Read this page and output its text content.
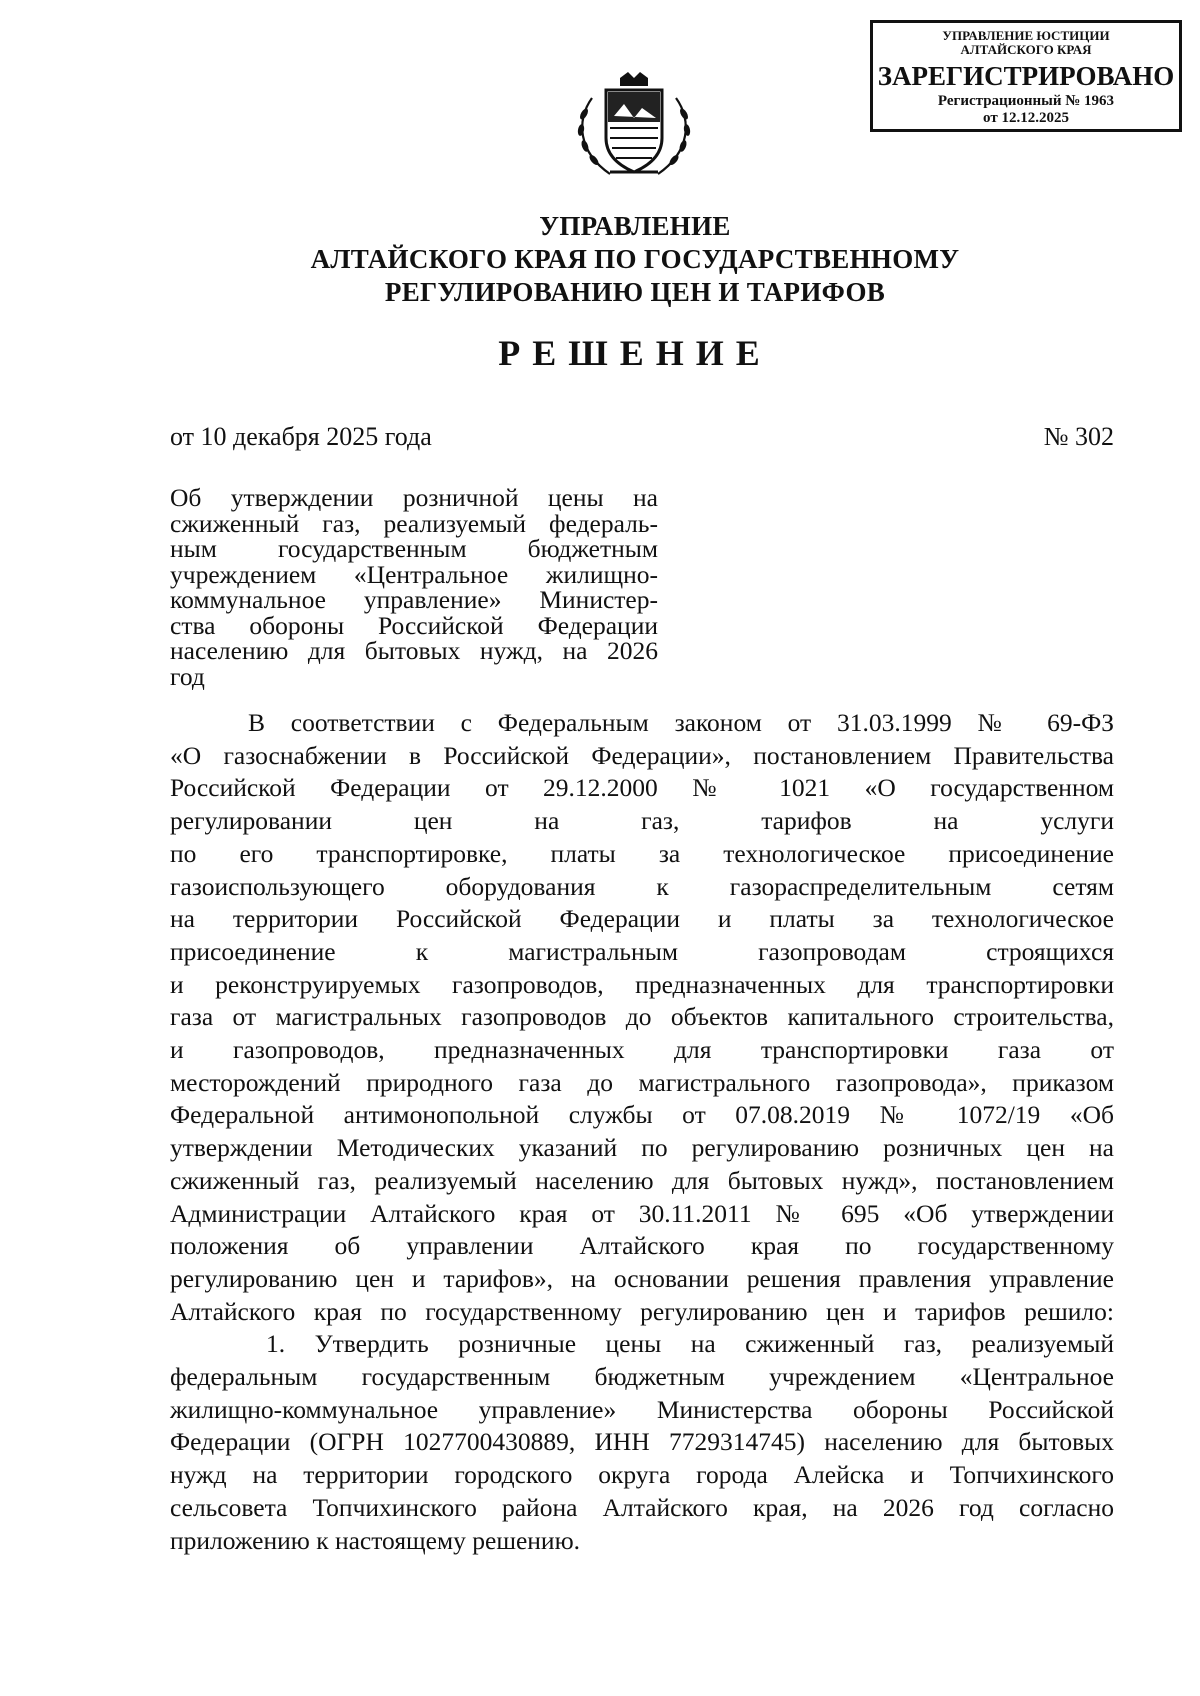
УПРАВЛЕНИЕ ЮСТИЦИИ
АЛТАЙСКОГО КРАЯ
ЗАРЕГИСТРИРОВАНО
Регистрационный № 1963
от 12.12.2025
УПРАВЛЕНИЕ
АЛТАЙСКОГО КРАЯ ПО ГОСУДАРСТВЕННОМУ
РЕГУЛИРОВАНИЮ ЦЕН И ТАРИФОВ
РЕШЕНИЕ
от 10 декабря 2025 года	№ 302
Об утверждении розничной цены на
сжиженный газ, реализуемый федераль-
ным государственным бюджетным
учреждением «Центральное жилищно-
коммунальное управление» Министер-
ства обороны Российской Федерации
населению для бытовых нужд, на 2026
год
В соответствии с Федеральным законом от 31.03.1999 № 69-ФЗ
«О газоснабжении в Российской Федерации», постановлением Правительства
Российской Федерации от 29.12.2000 № 1021 «О государственном
регулировании цен на газ, тарифов на услуги
по его транспортировке, платы за технологическое присоединение
газоиспользующего оборудования к газораспределительным сетям
на территории Российской Федерации и платы за технологическое
присоединение к магистральным газопроводам строящихся
и реконструируемых газопроводов, предназначенных для транспортировки
газа от магистральных газопроводов до объектов капитального строительства,
и газопроводов, предназначенных для транспортировки газа от
месторождений природного газа до магистрального газопровода», приказом
Федеральной антимонопольной службы от 07.08.2019 № 1072/19 «Об
утверждении Методических указаний по регулированию розничных цен на
сжиженный газ, реализуемый населению для бытовых нужд», постановлением
Администрации Алтайского края от 30.11.2011 № 695 «Об утверждении
положения об управлении Алтайского края по государственному
регулированию цен и тарифов», на основании решения правления управление
Алтайского края по государственному регулированию цен и тарифов решило:
1. Утвердить розничные цены на сжиженный газ, реализуемый
федеральным государственным бюджетным учреждением «Центральное
жилищно-коммунальное управление» Министерства обороны Российской
Федерации (ОГРН 1027700430889, ИНН 7729314745) населению для бытовых
нужд на территории городского округа города Алейска и Топчихинского
сельсовета Топчихинского района Алтайского края, на 2026 год согласно
приложению к настоящему решению.
